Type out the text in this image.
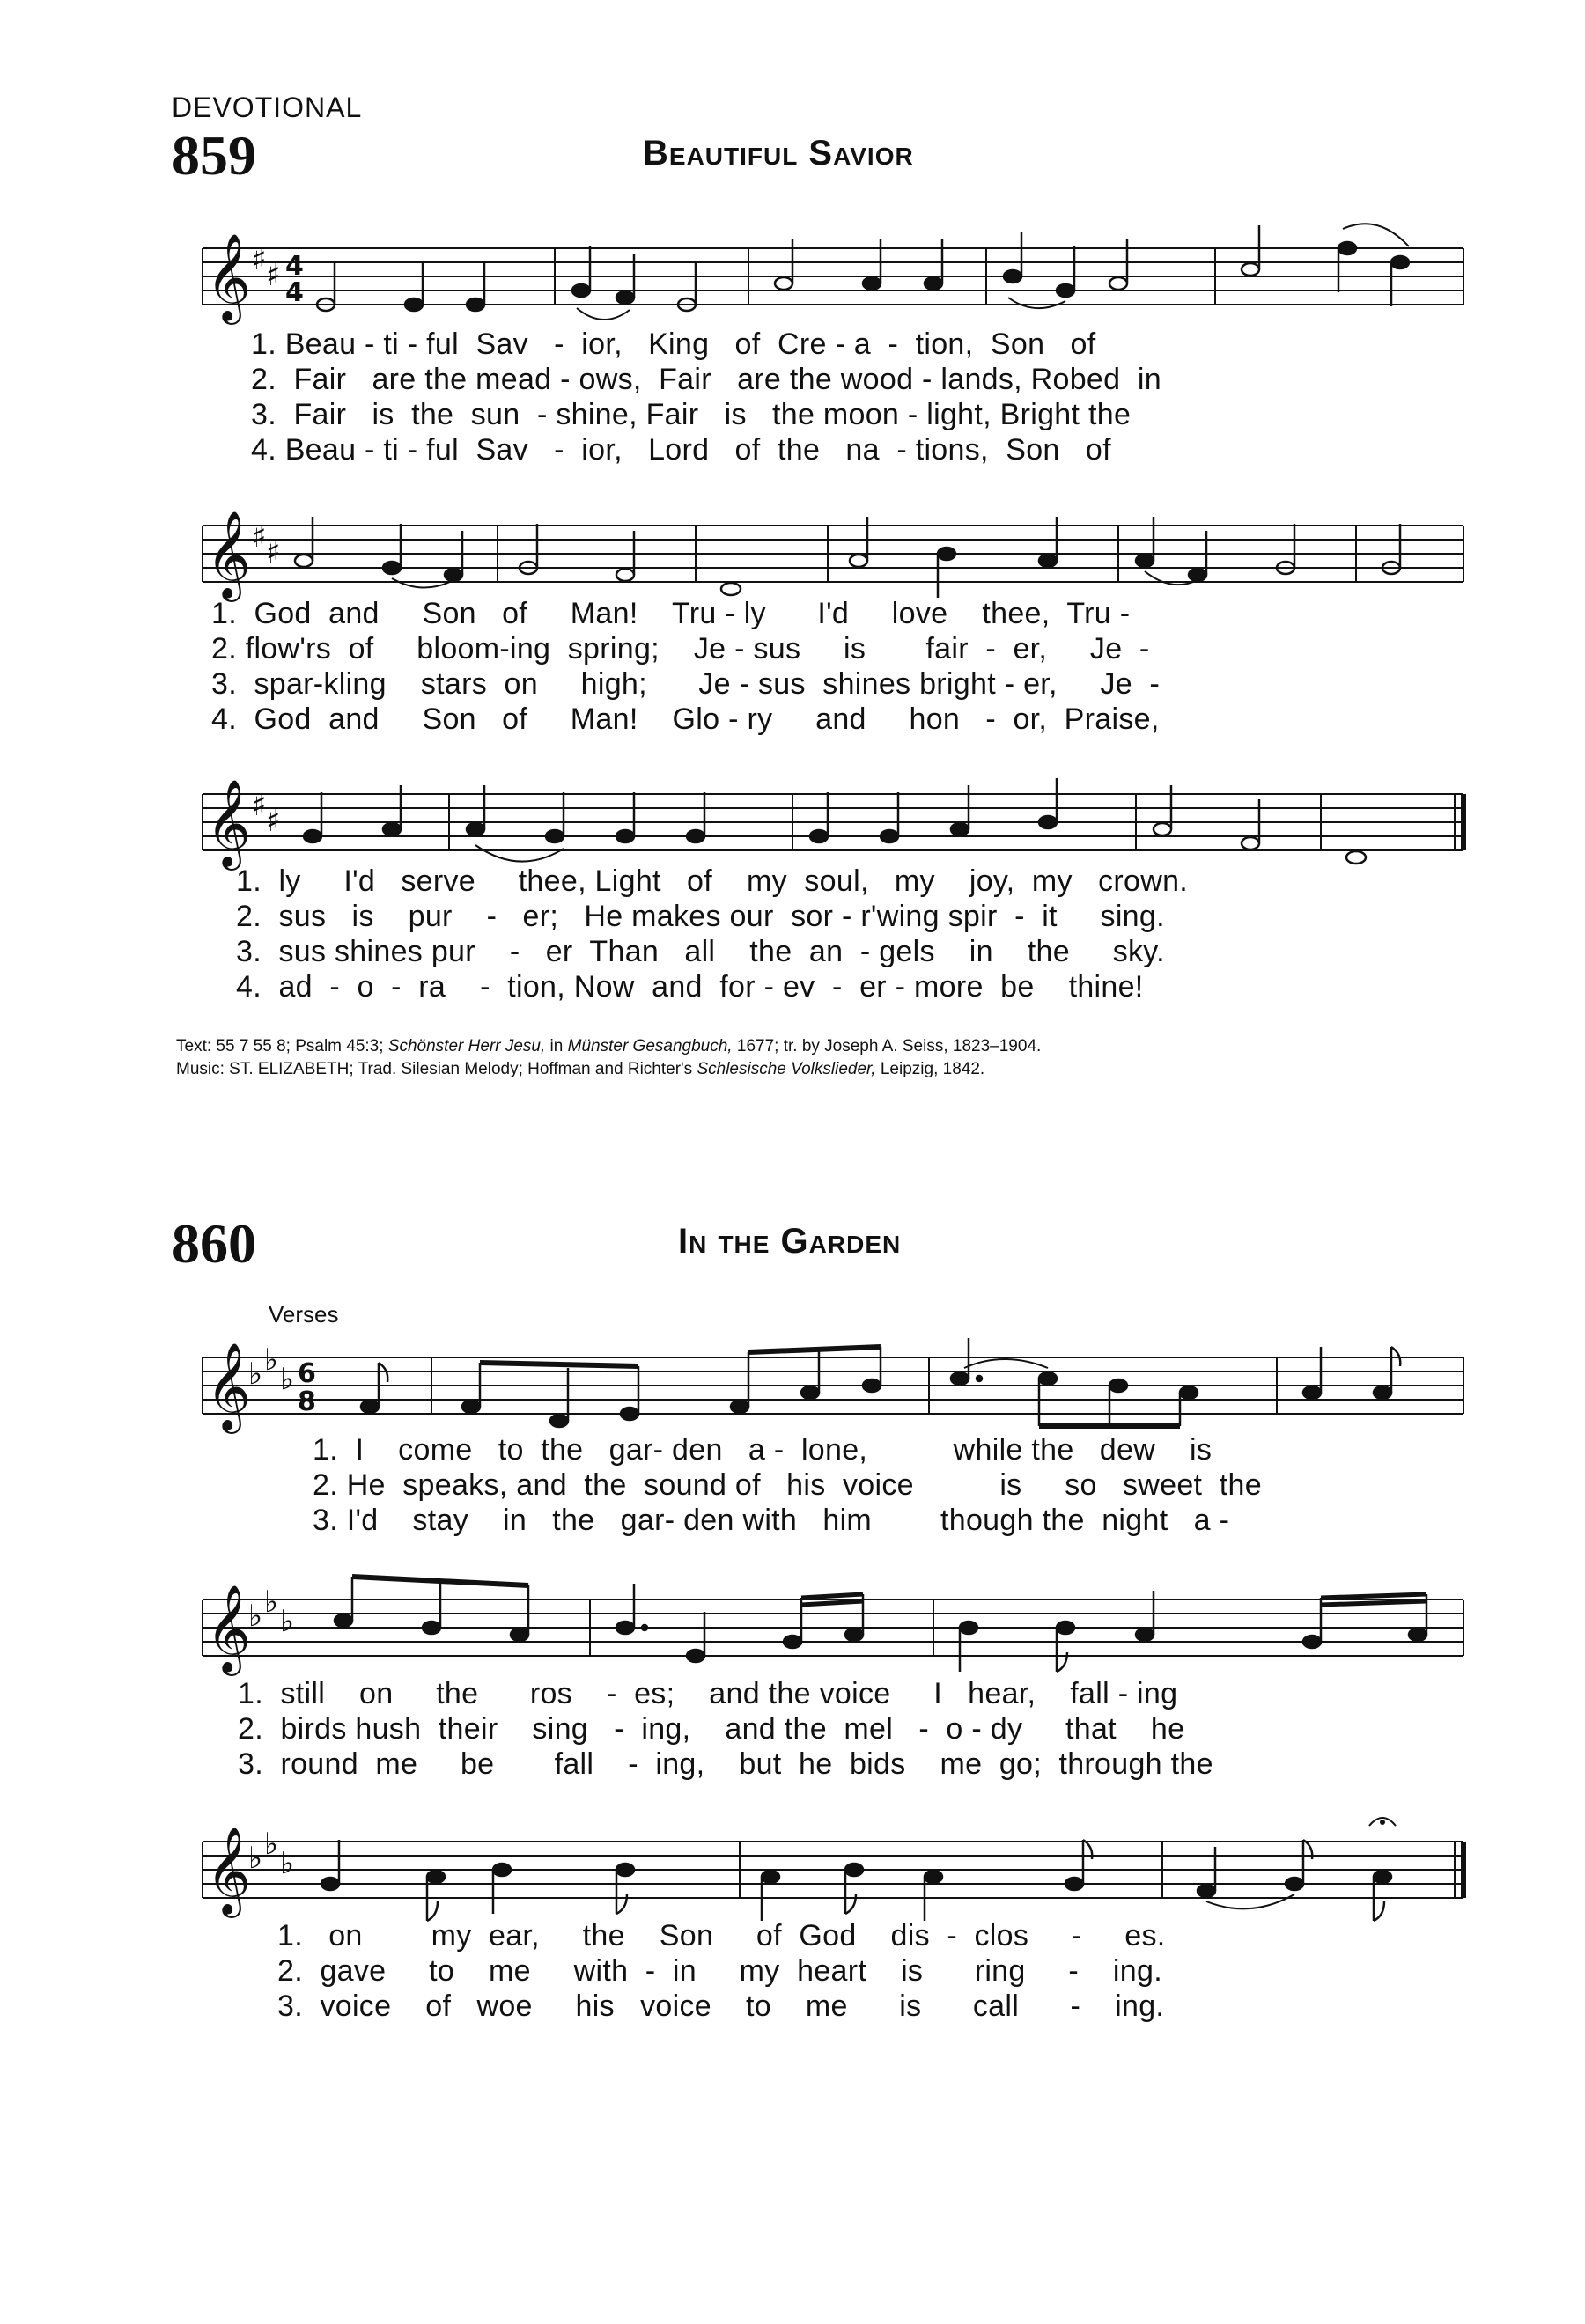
DEVOTIONAL
859	Beautiful Savior
𝄞 ♯ ♯ 4
4
1. Beau - ti - ful  Sav   -  ior,   King   of  Cre - a  -  tion,  Son   of
2.  Fair   are the mead - ows,  Fair   are the wood - lands, Robed  in
3.  Fair   is  the  sun  - shine, Fair   is   the moon - light, Bright the
4. Beau - ti - ful  Sav   -  ior,   Lord   of  the   na  - tions,  Son   of
𝄞 ♯ ♯
1.  God  and     Son   of     Man!    Tru - ly      I'd     love    thee,  Tru -
2. flow'rs  of     bloom-ing  spring;    Je - sus     is       fair  -  er,     Je  -
3.  spar-kling    stars  on     high;      Je - sus  shines bright - er,     Je  -
4.  God  and     Son   of     Man!    Glo - ry     and     hon   -  or,  Praise,
𝄞 ♯ ♯
1.  ly     I'd   serve     thee, Light   of    my  soul,   my    joy,  my   crown.
2.  sus   is    pur    -   er;   He makes our  sor - r'wing spir  -  it     sing.
3.  sus shines pur    -   er  Than   all    the  an  - gels    in    the     sky.
4.  ad  -  o  -  ra    -  tion, Now  and  for - ev  -  er - more  be    thine!
Text: 55 7 55 8; Psalm 45:3; Schönster Herr Jesu, in Münster Gesangbuch, 1677; tr. by Joseph A. Seiss, 1823–1904.
Music: ST. ELIZABETH; Trad. Silesian Melody; Hoffman and Richter's Schlesische Volkslieder, Leipzig, 1842.
860	In the Garden
Verses
𝄞
♭ ♭
♭ 6
8
1.  I    come   to  the   gar- den   a -  lone,          while the   dew    is
2. He  speaks, and  the  sound of   his  voice          is     so   sweet  the
3. I'd    stay    in   the   gar- den with   him        though the  night   a -
𝄞
♭ ♭
♭
1.  still    on     the      ros    -  es;    and the voice     I   hear,    fall - ing
2.  birds hush  their    sing   -  ing,    and the  mel   -  o - dy     that    he
3.  round  me     be       fall    -  ing,    but  he  bids    me  go;  through the
𝄞
♭ ♭
♭
1.   on        my  ear,     the    Son     of  God    dis  -  clos     -     es.
2.  gave     to    me     with  -  in     my  heart    is      ring     -    ing.
3.  voice    of   woe     his   voice    to    me      is      call      -    ing.
